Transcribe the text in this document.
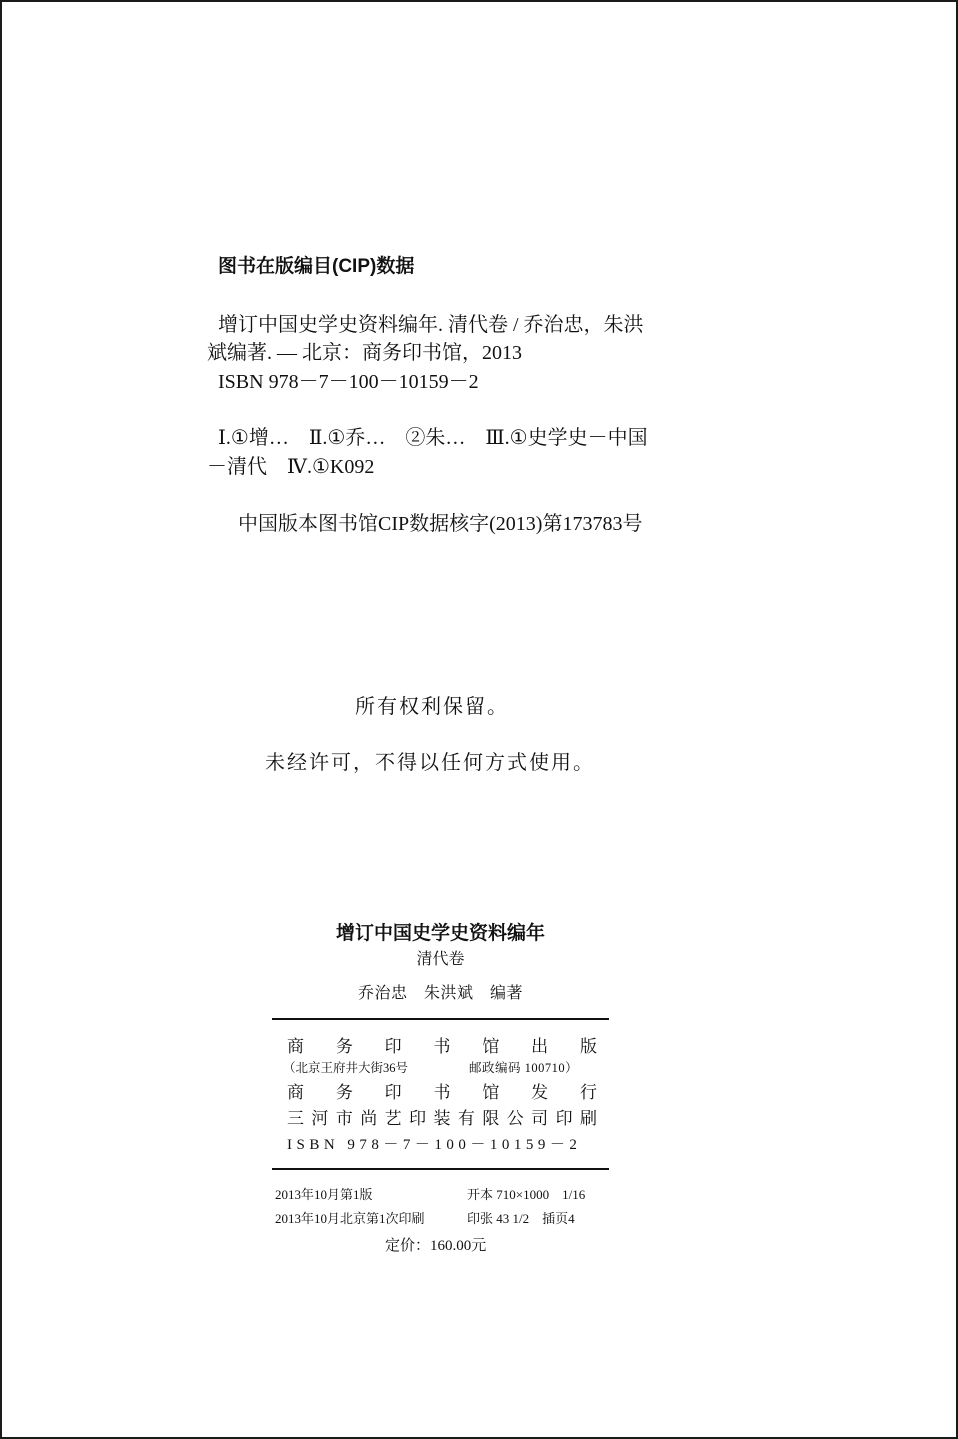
图书在版编目(CIP)数据
增订中国史学史资料编年. 清代卷 / 乔治忠，朱洪
斌编著. — 北京：商务印书馆，2013
ISBN 978－7－100－10159－2
Ⅰ.①增…　Ⅱ.①乔…　②朱…　Ⅲ.①史学史－中国
－清代　Ⅳ.①K092
中国版本图书馆CIP数据核字(2013)第173783号
所有权利保留。
未经许可，不得以任何方式使用。
增订中国史学史资料编年
清代卷
乔治忠　朱洪斌　编著
商务印书馆出版
（北京王府井大街36号	邮政编码 100710）
商务印书馆发行
三河市尚艺印装有限公司印刷
ISBN 978－7－100－10159－2
2013年10月第1版	开本 710×1000　1/16
2013年10月北京第1次印刷	印张 43 1/2　插页4
定价：160.00元
